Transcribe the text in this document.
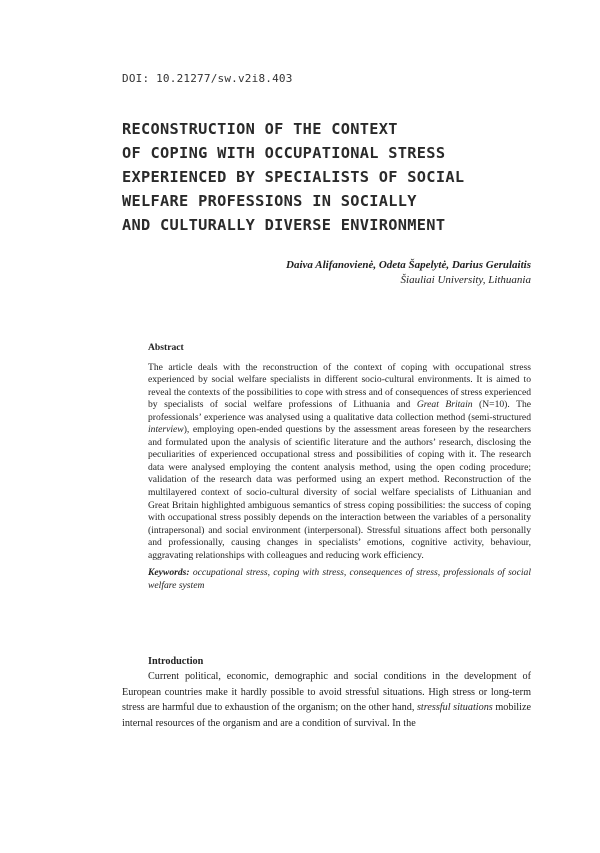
DOI: 10.21277/sw.v2i8.403
RECONSTRUCTION OF THE CONTEXT
OF COPING WITH OCCUPATIONAL STRESS
EXPERIENCED BY SPECIALISTS OF SOCIAL
WELFARE PROFESSIONS IN SOCIALLY
AND CULTURALLY DIVERSE ENVIRONMENT
Daiva Alifanovienė, Odeta Šapelytė, Darius Gerulaitis
Šiauliai University, Lithuania
Abstract

The article deals with the reconstruction of the context of coping with occupational stress experienced by social welfare specialists in different socio-cultural environments. It is aimed to reveal the contexts of the possibilities to cope with stress and of consequences of stress experienced by specialists of social welfare professions of Lithuania and Great Britain (N=10). The professionals’ experience was analysed using a qualitative data collection method (semi-structured interview), employing open-ended questions by the assessment areas foreseen by the researchers and formulated upon the analysis of scientific literature and the authors’ research, disclosing the peculiarities of experienced occupational stress and possibilities of coping with it. The research data were analysed employing the content analysis method, using the open coding procedure; validation of the research data was performed using an expert method. Reconstruction of the multilayered context of socio-cultural diversity of social welfare specialists of Lithuanian and Great Britain highlighted ambiguous semantics of stress coping possibilities: the success of coping with occupational stress possibly depends on the interaction between the variables of a personality (intrapersonal) and social environment (interpersonal). Stressful situations affect both personally and professionally, causing changes in specialists’ emotions, cognitive activity, behaviour, aggravating relationships with colleagues and reducing work efficiency.

Keywords: occupational stress, coping with stress, consequences of stress, professionals of social welfare system

Introduction

Current political, economic, demographic and social conditions in the development of European countries make it hardly possible to avoid stressful situations. High stress or long-term stress are harmful due to exhaustion of the organism; on the other hand, stressful situations mobilize internal resources of the organism and are a condition of survival. In the
